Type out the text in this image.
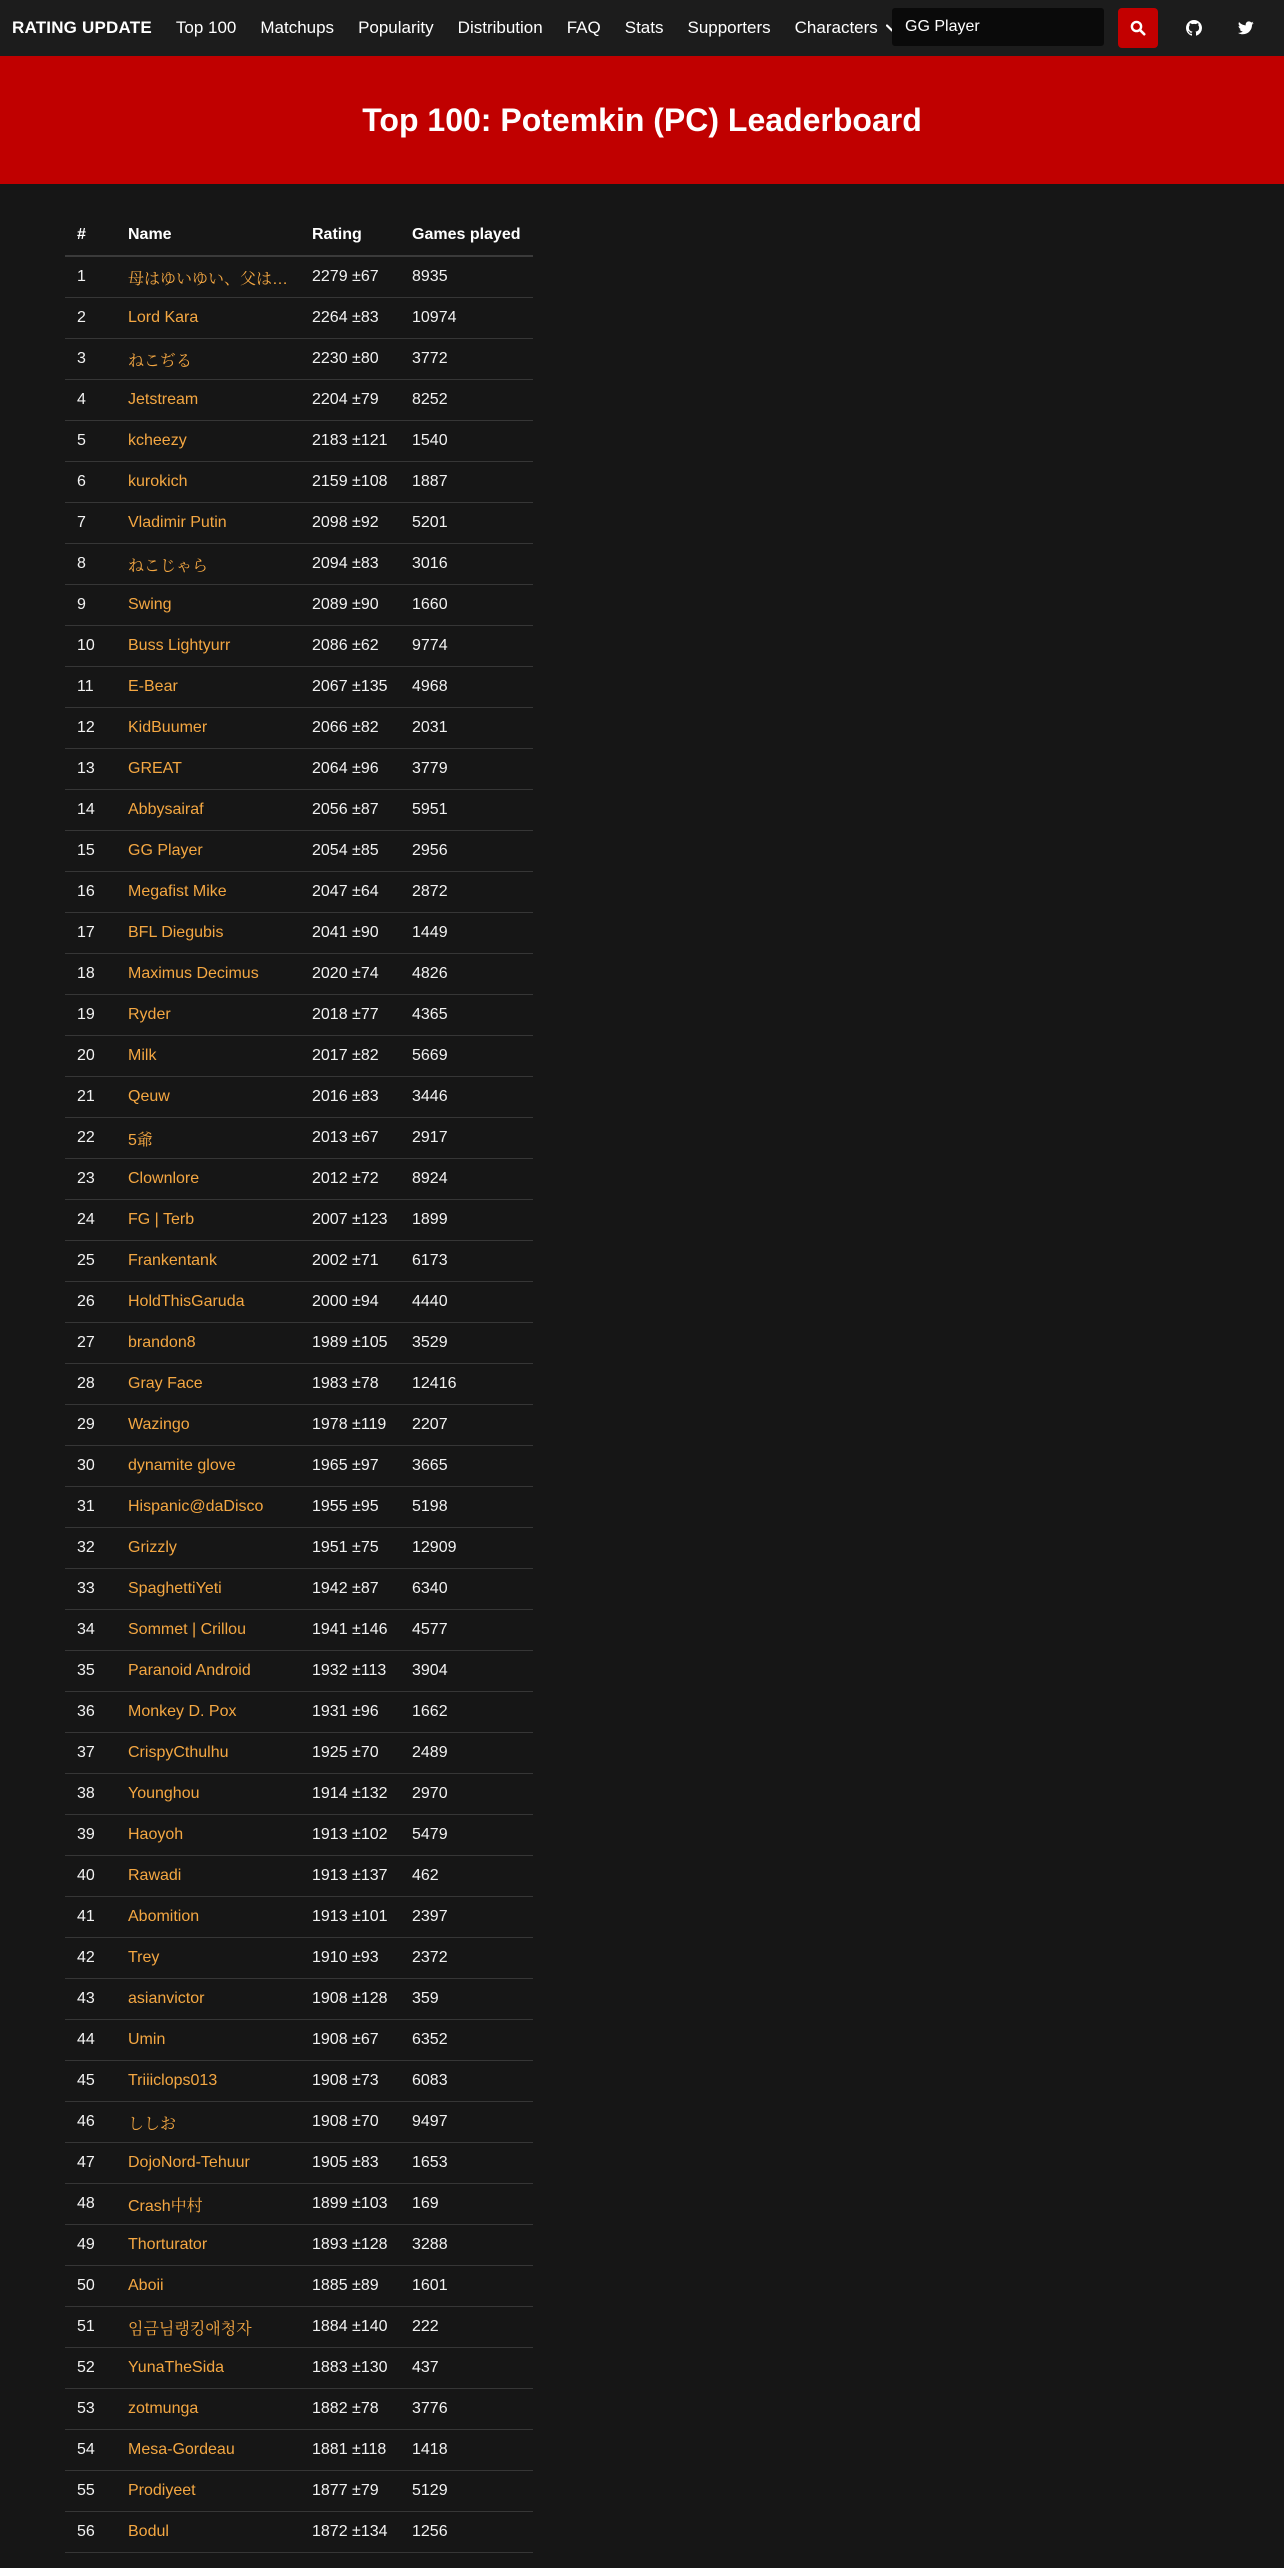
RATING UPDATE	Top 100	Matchups	Popularity	Distribution	FAQ	Stats	Supporters	Characters
GG Player
Top 100: Potemkin (PC) Leaderboard
#	Name	Rating	Games played
1	母はゆいゆい、父は…	2279 ±67	8935
2	Lord Kara	2264 ±83	10974
3	ねこぢる	2230 ±80	3772
4	Jetstream	2204 ±79	8252
5	kcheezy	2183 ±121	1540
6	kurokich	2159 ±108	1887
7	Vladimir Putin	2098 ±92	5201
8	ねこじゃら	2094 ±83	3016
9	Swing	2089 ±90	1660
10	Buss Lightyurr	2086 ±62	9774
11	E-Bear	2067 ±135	4968
12	KidBuumer	2066 ±82	2031
13	GREAT	2064 ±96	3779
14	Abbysairaf	2056 ±87	5951
15	GG Player	2054 ±85	2956
16	Megafist Mike	2047 ±64	2872
17	BFL Diegubis	2041 ±90	1449
18	Maximus Decimus	2020 ±74	4826
19	Ryder	2018 ±77	4365
20	Milk	2017 ±82	5669
21	Qeuw	2016 ±83	3446
22	5爺	2013 ±67	2917
23	Clownlore	2012 ±72	8924
24	FG | Terb	2007 ±123	1899
25	Frankentank	2002 ±71	6173
26	HoldThisGaruda	2000 ±94	4440
27	brandon8	1989 ±105	3529
28	Gray Face	1983 ±78	12416
29	Wazingo	1978 ±119	2207
30	dynamite glove	1965 ±97	3665
31	Hispanic@daDisco	1955 ±95	5198
32	Grizzly	1951 ±75	12909
33	SpaghettiYeti	1942 ±87	6340
34	Sommet | Crillou	1941 ±146	4577
35	Paranoid Android	1932 ±113	3904
36	Monkey D. Pox	1931 ±96	1662
37	CrispyCthulhu	1925 ±70	2489
38	Younghou	1914 ±132	2970
39	Haoyoh	1913 ±102	5479
40	Rawadi	1913 ±137	462
41	Abomition	1913 ±101	2397
42	Trey	1910 ±93	2372
43	asianvictor	1908 ±128	359
44	Umin	1908 ±67	6352
45	Triiiclops013	1908 ±73	6083
46	ししお	1908 ±70	9497
47	DojoNord-Tehuur	1905 ±83	1653
48	Crash中村	1899 ±103	169
49	Thorturator	1893 ±128	3288
50	Aboii	1885 ±89	1601
51	임금님랭킹애청자	1884 ±140	222
52	YunaTheSida	1883 ±130	437
53	zotmunga	1882 ±78	3776
54	Mesa-Gordeau	1881 ±118	1418
55	Prodiyeet	1877 ±79	5129
56	Bodul	1872 ±134	1256
